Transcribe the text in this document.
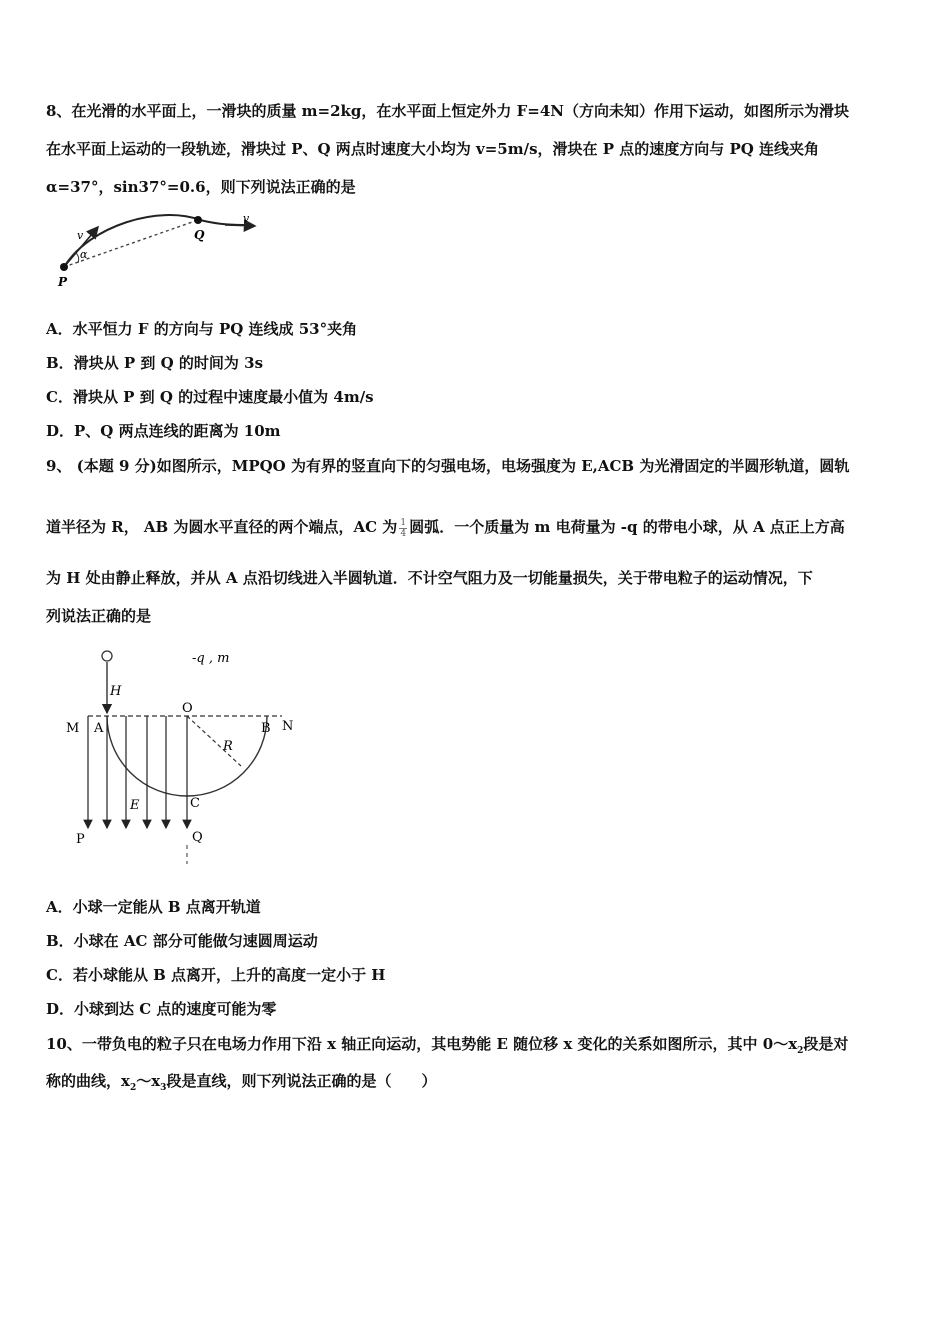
8、在光滑的水平面上，一滑块的质量 m=2kg，在水平面上恒定外力 F=4N（方向未知）作用下运动，如图所示为滑块
在水平面上运动的一段轨迹，滑块过 P、Q 两点时速度大小均为 v=5m/s，滑块在 P 点的速度方向与 PQ 连线夹角
α=37°，sin37°=0.6，则下列说法正确的是
v
α
P
Q
v
A．水平恒力 F 的方向与 PQ 连线成 53°夹角
B．滑块从 P 到 Q 的时间为 3s
C．滑块从 P 到 Q 的过程中速度最小值为 4m/s
D．P、Q 两点连线的距离为 10m
9、 (本题 9 分)如图所示，MPQO 为有界的竖直向下的匀强电场，电场强度为 E,ACB 为光滑固定的半圆形轨道，圆轨
道半径为 R， AB 为圆水平直径的两个端点，AC 为 $\frac{1}{4}$ 圆弧．一个质量为 m 电荷量为 -q 的带电小球，从 A 点正上方高
为 H 处由静止释放，并从 A 点沿切线进入半圆轨道．不计空气阻力及一切能量损失，关于带电粒子的运动情况，下
列说法正确的是
-q , m
H
O
M A	B N
R
E	C
P	Q
A．小球一定能从 B 点离开轨道
B．小球在 AC 部分可能做匀速圆周运动
C．若小球能从 B 点离开，上升的高度一定小于 H
D．小球到达 C 点的速度可能为零
10、一带负电的粒子只在电场力作用下沿 x 轴正向运动，其电势能 E 随位移 x 变化的关系如图所示，其中 $0\sim x_2$段是对
称的曲线，$x_2\sim x_3$段是直线，则下列说法正确的是（　　）
